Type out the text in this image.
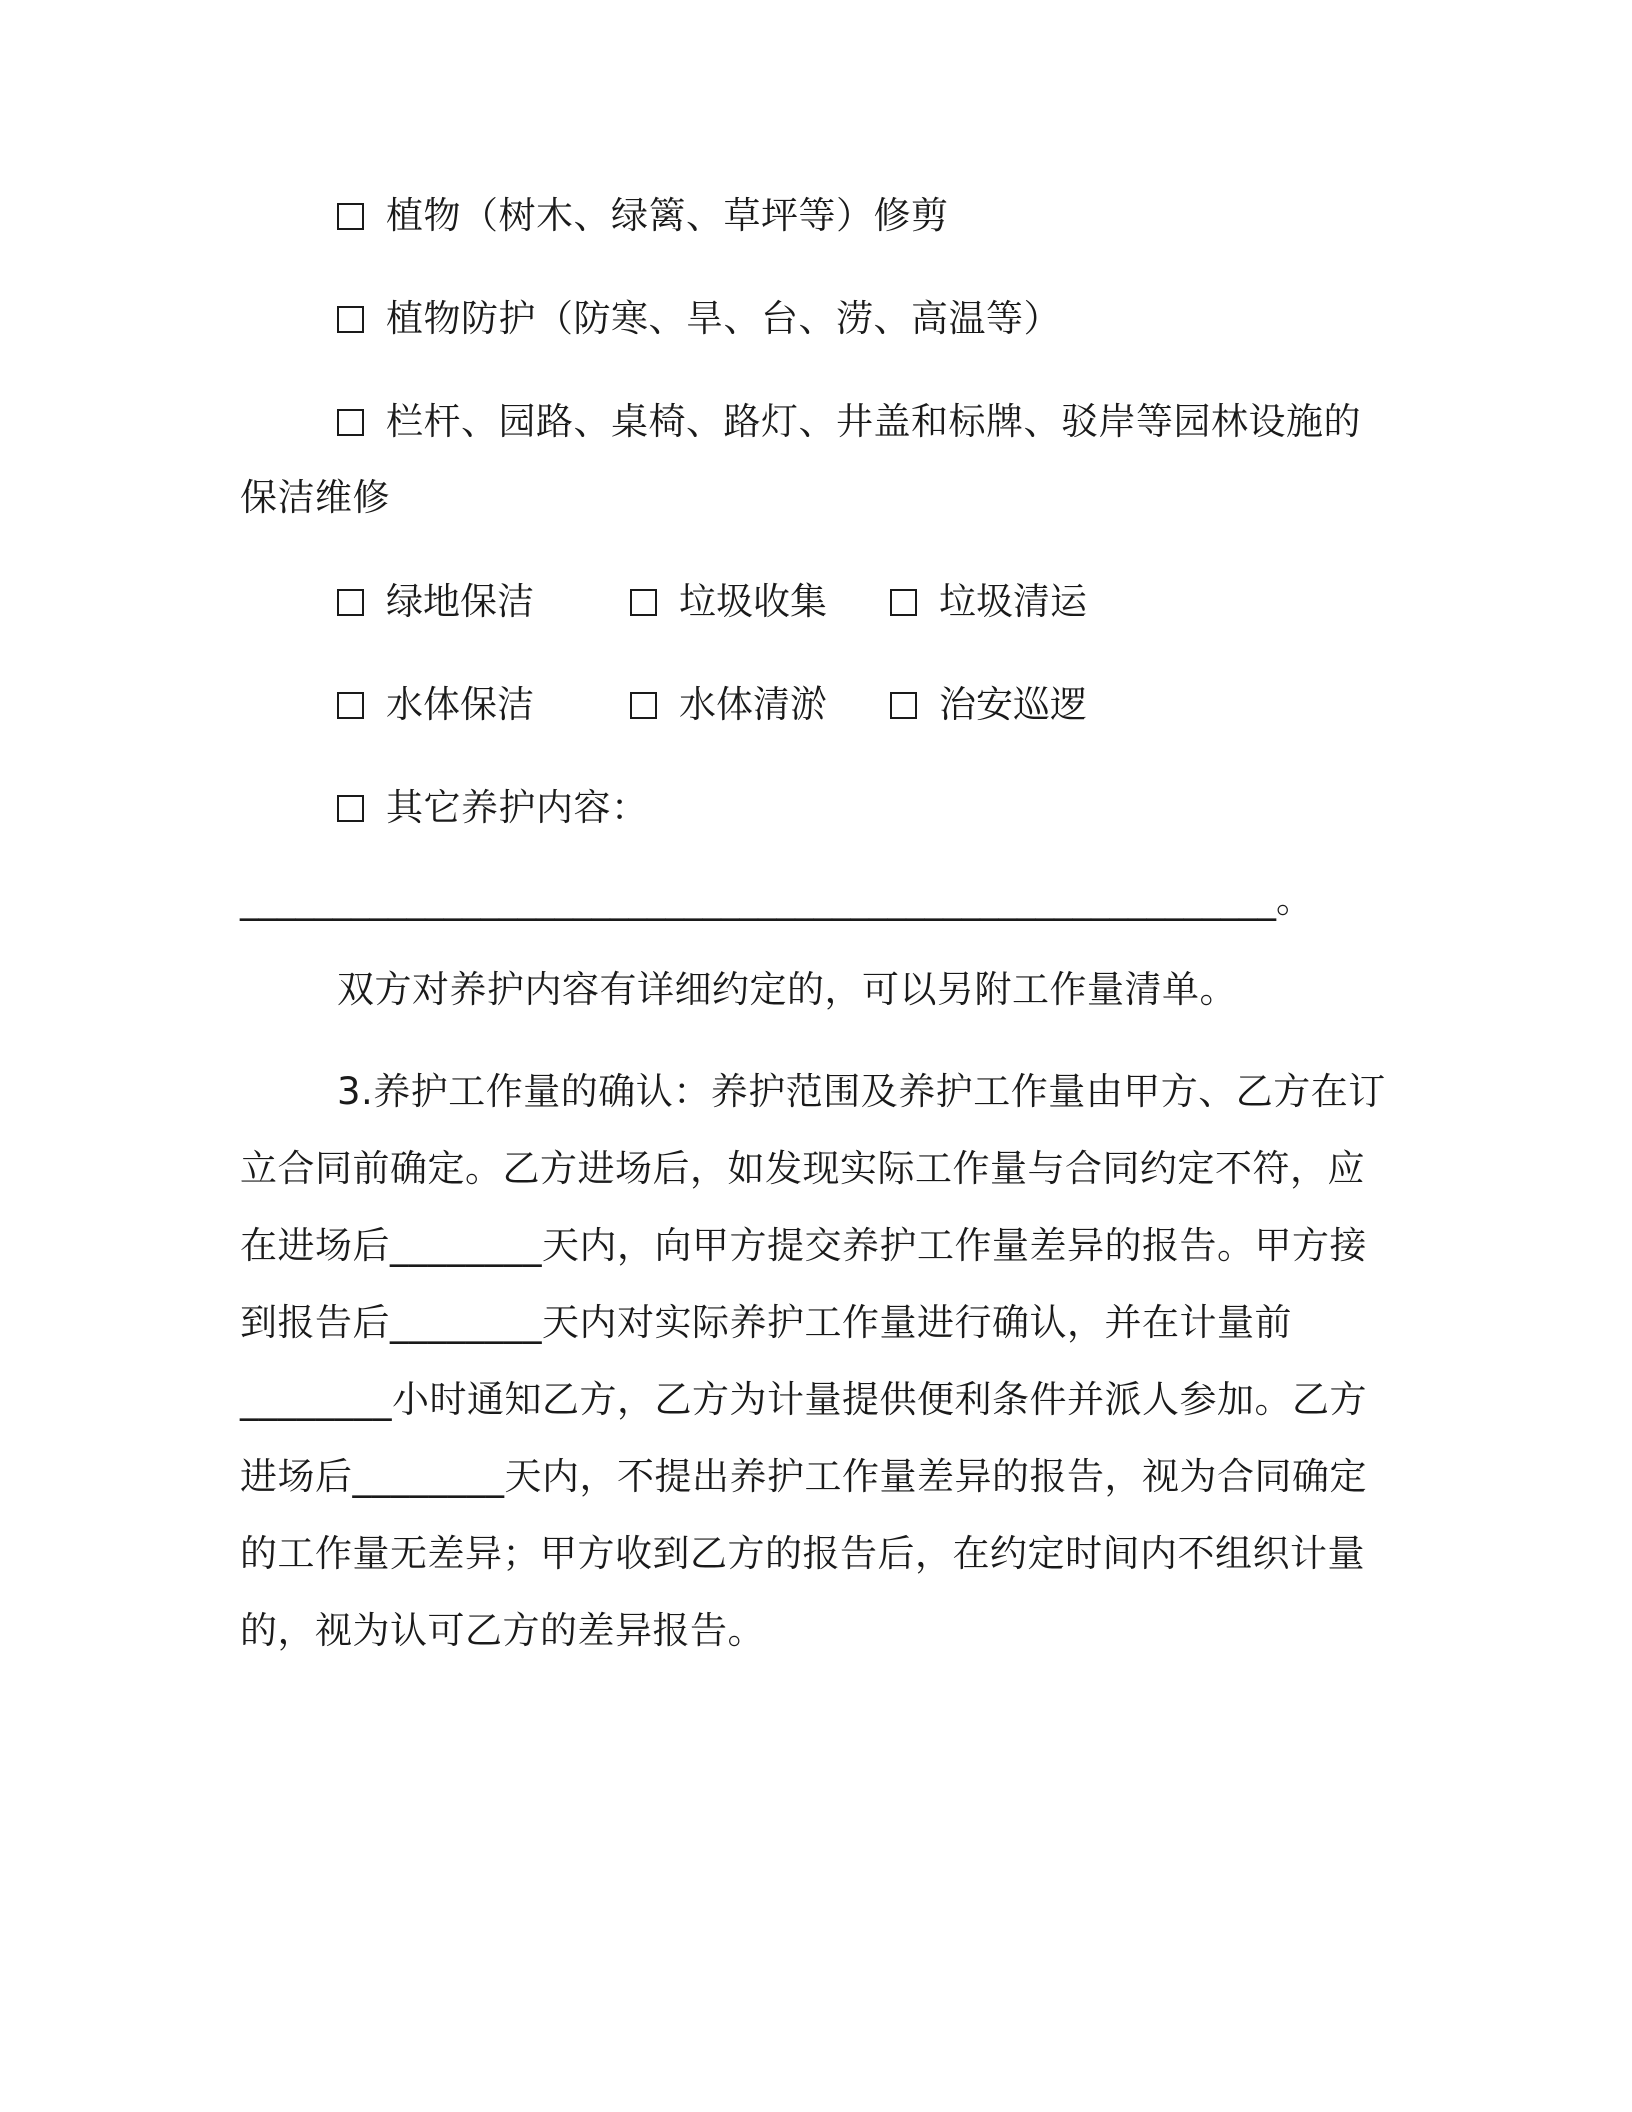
植物（树木、绿篱、草坪等）修剪
植物防护（防寒、旱、台、涝、高温等）
栏杆、园路、桌椅、路灯、井盖和标牌、驳岸等园林设施的
保洁维修
绿地保洁	垃圾收集	垃圾清运
水体保洁	水体清淤	治安巡逻
其它养护内容：
________________________________________________________。
双方对养护内容有详细约定的，可以另附工作量清单。
3.养护工作量的确认：养护范围及养护工作量由甲方、乙方在订
立合同前确定。乙方进场后，如发现实际工作量与合同约定不符，应
在进场后________天内，向甲方提交养护工作量差异的报告。甲方接
到报告后________天内对实际养护工作量进行确认，并在计量前
________小时通知乙方，乙方为计量提供便利条件并派人参加。乙方
进场后________天内，不提出养护工作量差异的报告，视为合同确定
的工作量无差异；甲方收到乙方的报告后，在约定时间内不组织计量
的，视为认可乙方的差异报告。
